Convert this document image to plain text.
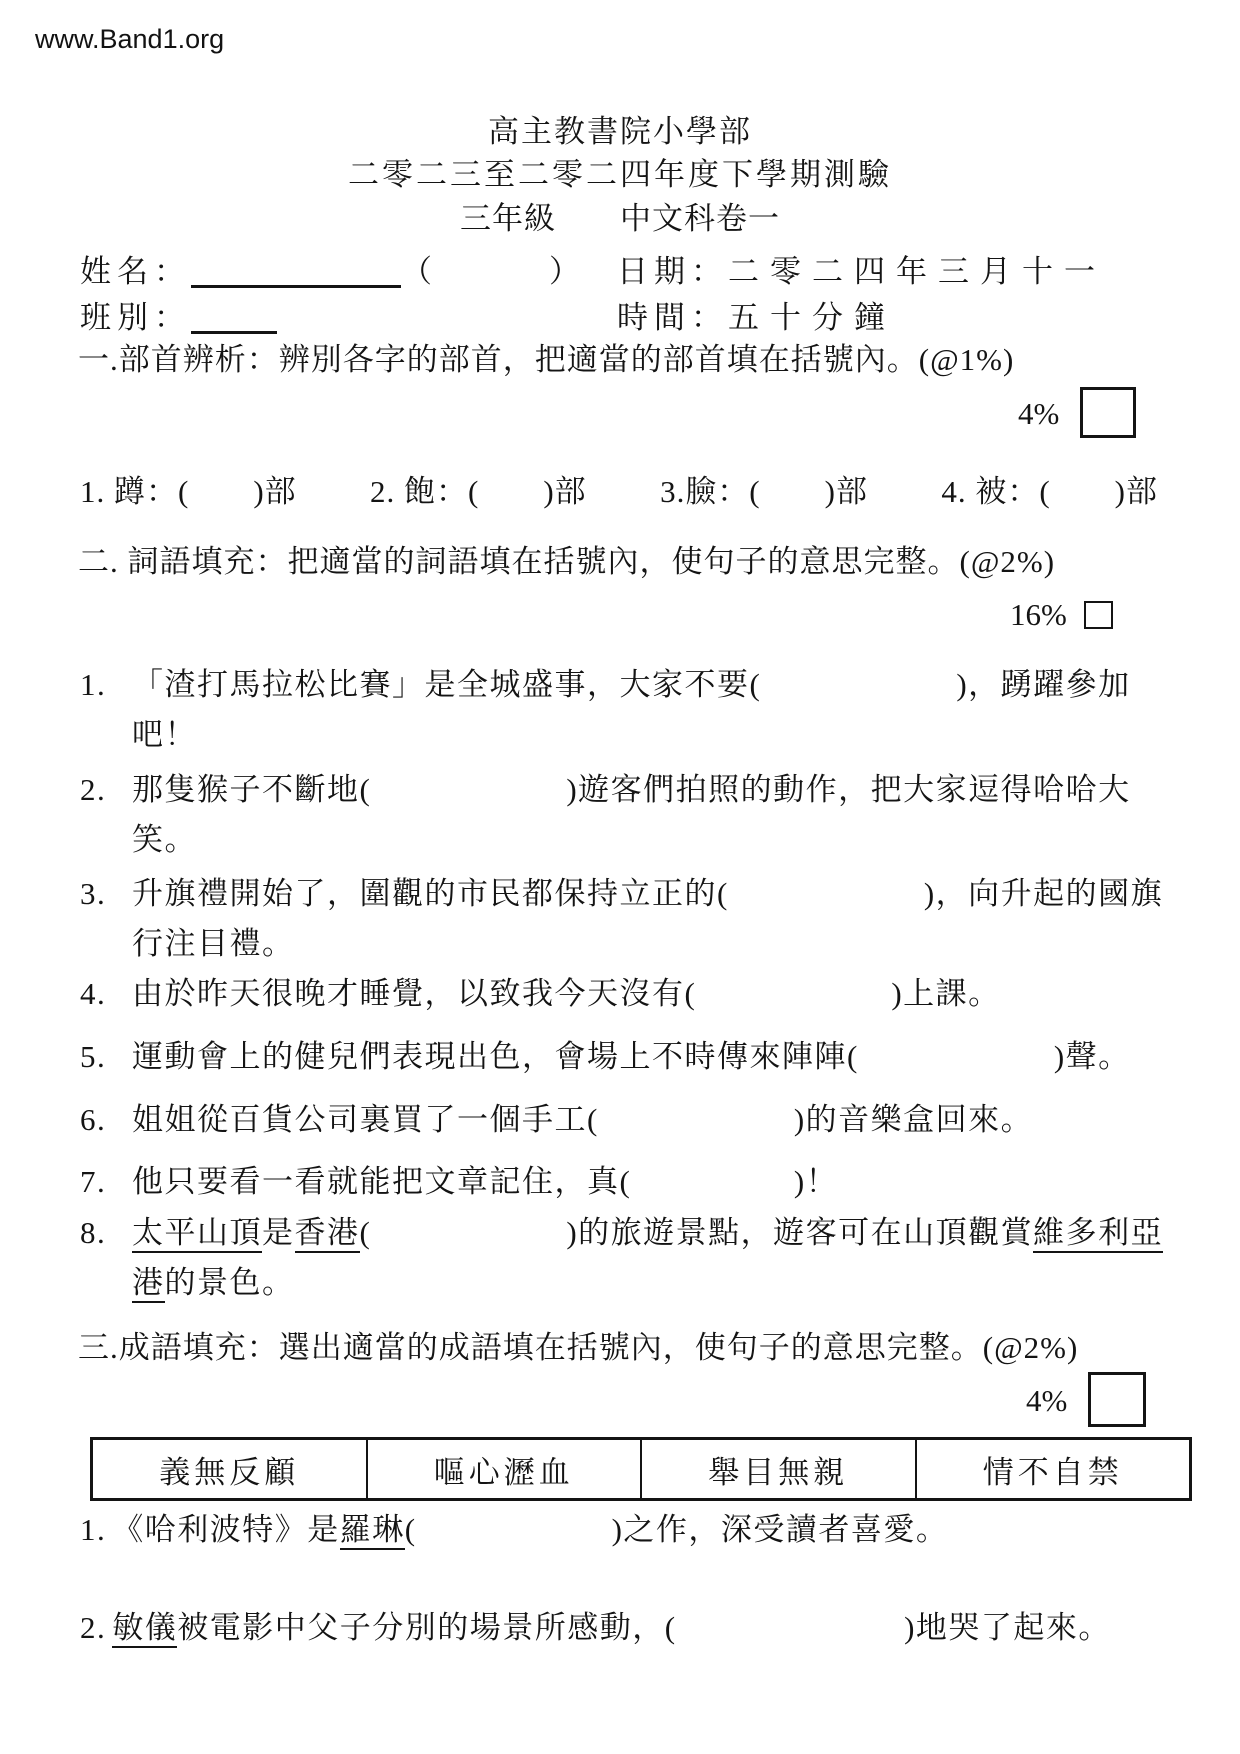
www.Band1.org
高主教書院小學部
二零二三至二零二四年度下學期測驗
三年級　　中文科卷一
姓名：	（　　　） 日期：二零二四年三月十一
班別：	時間：五十分鐘
一.部首辨析：辨別各字的部首，把適當的部首填在括號內。(@1%)
4%
1. 蹲：(　　)部 2. 飽：(　　)部 3.臉：(　　)部 4. 被：(　　)部
二. 詞語填充：把適當的詞語填在括號內，使句子的意思完整。(@2%)
16%
1. 「渣打馬拉松比賽」是全城盛事，大家不要(　　　　　　)，踴躍參加吧！
2. 那隻猴子不斷地(　　　　　　)遊客們拍照的動作，把大家逗得哈哈大笑。
3. 升旗禮開始了，圍觀的市民都保持立正的(　　　　　　)，向升起的國旗行注目禮。
4. 由於昨天很晚才睡覺，以致我今天沒有(　　　　　　)上課。
5. 運動會上的健兒們表現出色，會場上不時傳來陣陣(　　　　　　)聲。
6. 姐姐從百貨公司裏買了一個手工(　　　　　　)的音樂盒回來。
7. 他只要看一看就能把文章記住，真(　　　　　)！
8. 太平山頂是香港(　　　　　　)的旅遊景點，遊客可在山頂觀賞維多利亞港的景色。
三.成語填充：選出適當的成語填在括號內，使句子的意思完整。(@2%)
4%
義無反顧	嘔心瀝血	舉目無親	情不自禁
1. 《哈利波特》是羅琳(　　　　　　)之作，深受讀者喜愛。
2. 敏儀被電影中父子分別的場景所感動，(　　　　　　　)地哭了起來。
